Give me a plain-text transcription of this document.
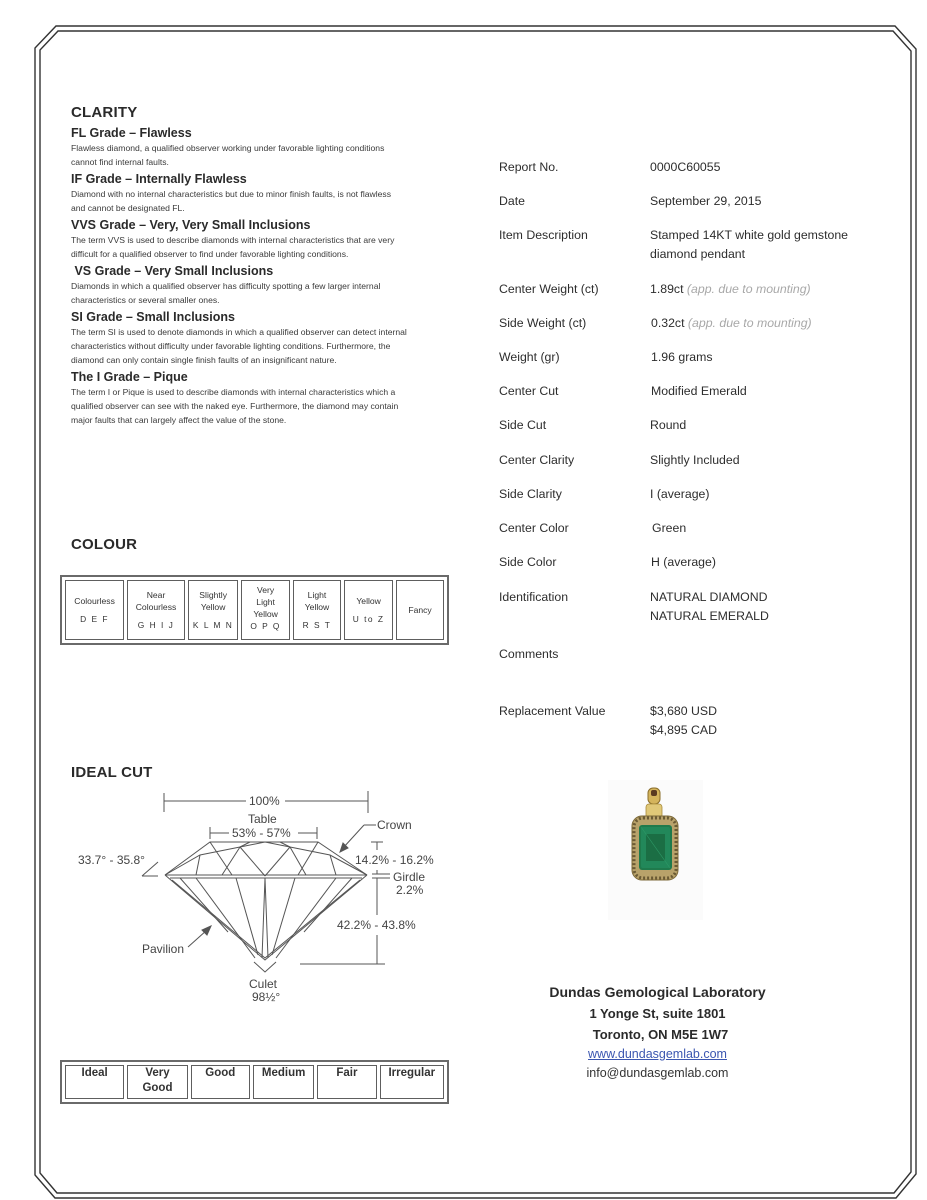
CLARITY

FL Grade – Flawless

Flawless diamond, a qualified observer working under favorable lighting conditions
cannot find internal faults.

IF Grade – Internally Flawless

Diamond with no internal characteristics but due to minor finish faults, is not flawless
and cannot be designated FL.

VVS Grade – Very, Very Small Inclusions

The term VVS is used to describe diamonds with internal characteristics that are very
difficult for a qualified observer to find under favorable lighting conditions.

VS Grade – Very Small Inclusions

Diamonds in which a qualified observer has difficulty spotting a few larger internal
characteristics or several smaller ones.

SI Grade – Small Inclusions

The term SI is used to denote diamonds in which a qualified observer can detect internal
characteristics without difficulty under favorable lighting conditions. Furthermore, the
diamond can only contain single finish faults of an insignificant nature.

The I Grade – Pique

The term I or Pique is used to describe diamonds with internal characteristics which a
qualified observer can see with the naked eye. Furthermore, the diamond may contain
major faults that can largely affect the value of the stone.

COLOUR
Colourless
D E F
	Near Colourless
G H I J
	Slightly Yellow
K L M N
	Very Light Yellow
O P Q
	Light Yellow
R S T
	Yellow
U to Z
	Fancy
IDEAL CUT
100%
Table
53% - 57%
Crown
33.7° - 35.8°	14.2% - 16.2%
Girdle
2.2%
42.2% - 43.8%
Pavilion
Culet
98½°
Ideal	Very Good	Good	Medium	Fair	Irregular
Report No.	0000C60055
Date	September 29, 2015
Item Description	Stamped 14KT white gold gemstone
diamond pendant
Center Weight (ct)	1.89ct (app. due to mounting)
Side Weight (ct)	0.32ct (app. due to mounting)
Weight (gr)	1.96 grams
Center Cut	Modified Emerald
Side Cut	Round
Center Clarity	Slightly Included
Side Clarity	I (average)
Center Color	Green
Side Color	H (average)
Identification	NATURAL DIAMOND
NATURAL EMERALD
Comments
Replacement Value	$3,680 USD
$4,895 CAD
Dundas Gemological Laboratory
1 Yonge St, suite 1801
Toronto, ON M5E 1W7
www.dundasgemlab.com
info@dundasgemlab.com
